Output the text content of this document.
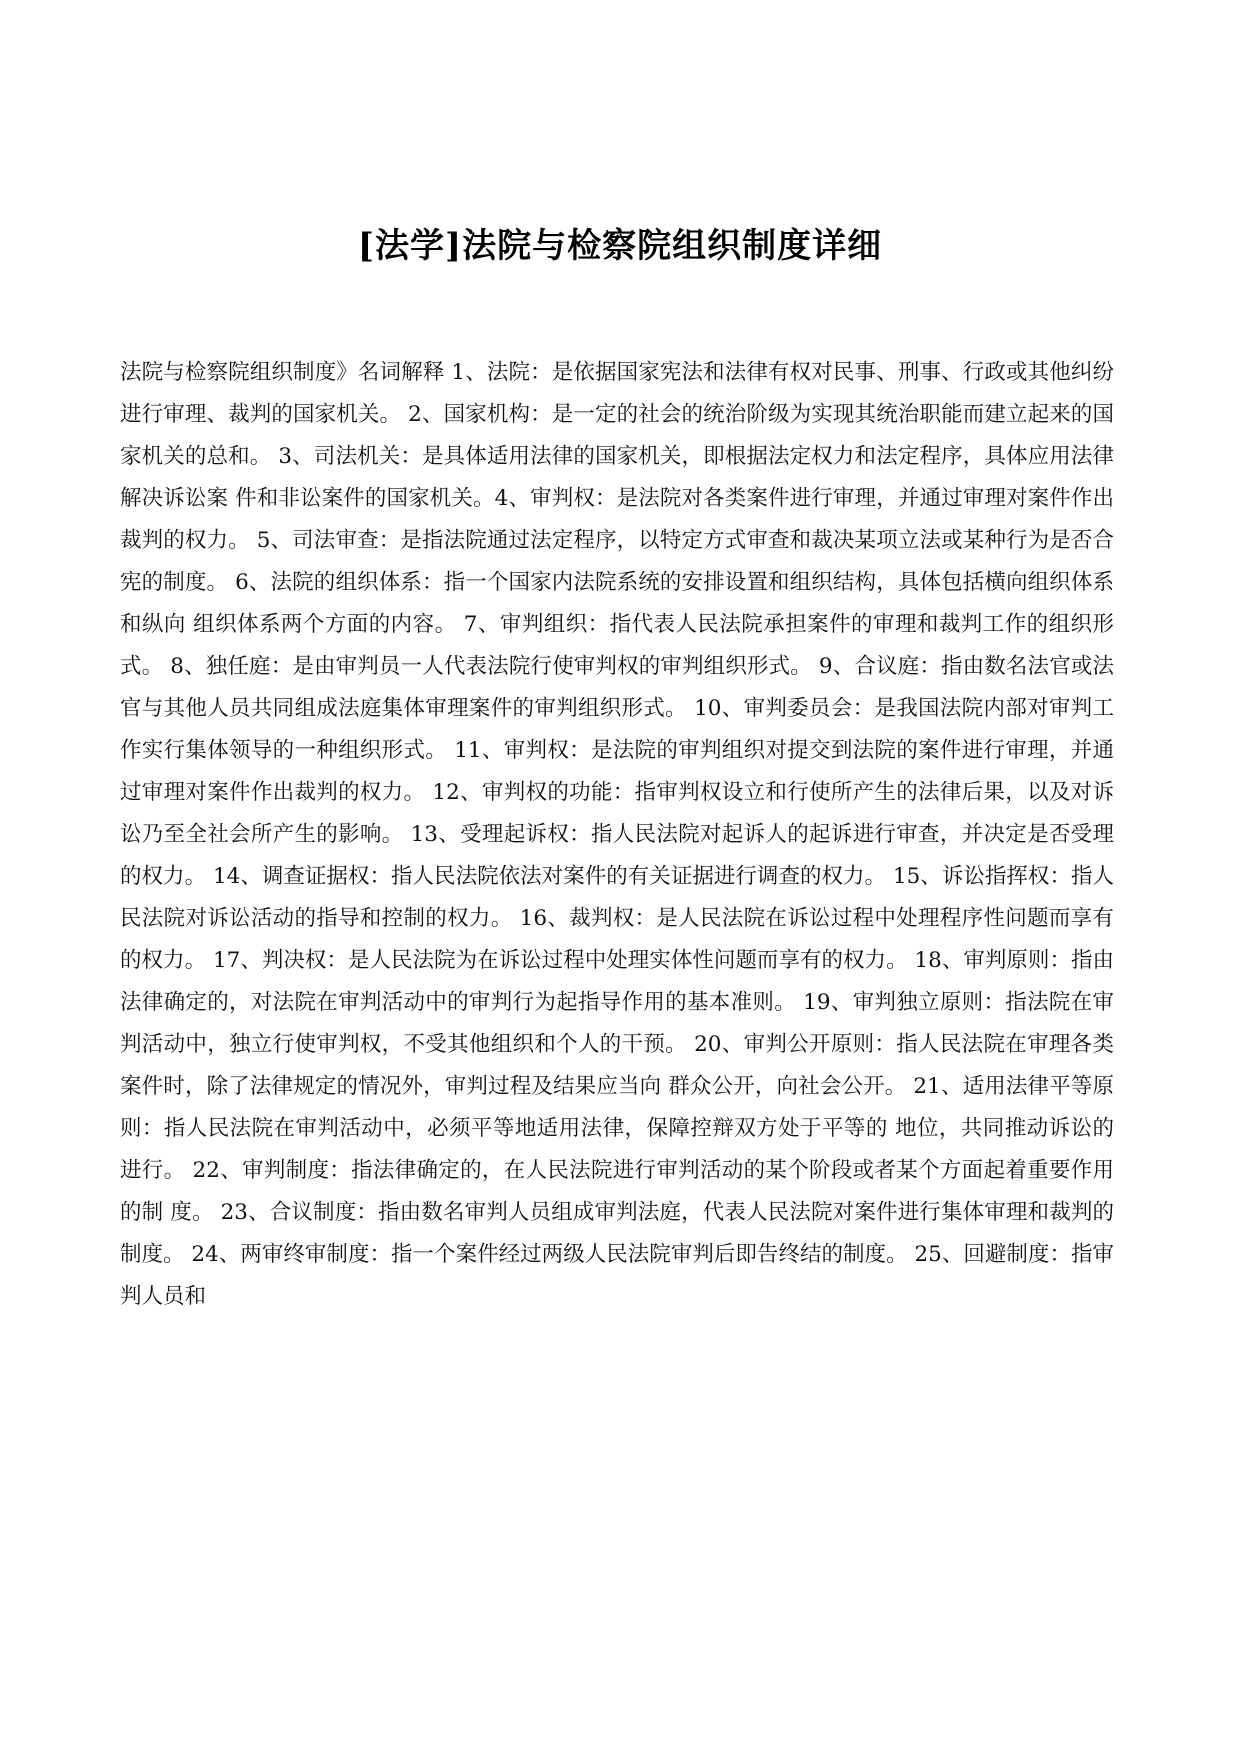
[法学]法院与检察院组织制度详细

法院与检察院组织制度》名词解释 1、法院：是依据国家宪法和法律有权对民事、刑事、行政或其他纠纷进行审理、裁判的国家机关。 2、国家机构：是一定的社会的统治阶级为实现其统治职能而建立起来的国家机关的总和。 3、司法机关：是具体适用法律的国家机关，即根据法定权力和法定程序，具体应用法律解决诉讼案 件和非讼案件的国家机关。4、审判权：是法院对各类案件进行审理，并通过审理对案件作出裁判的权力。 5、司法审查：是指法院通过法定程序，以特定方式审查和裁决某项立法或某种行为是否合宪的制度。 6、法院的组织体系：指一个国家内法院系统的安排设置和组织结构，具体包括横向组织体系和纵向 组织体系两个方面的内容。 7、审判组织：指代表人民法院承担案件的审理和裁判工作的组织形式。 8、独任庭：是由审判员一人代表法院行使审判权的审判组织形式。 9、合议庭：指由数名法官或法官与其他人员共同组成法庭集体审理案件的审判组织形式。 10、审判委员会：是我国法院内部对审判工作实行集体领导的一种组织形式。 11、审判权：是法院的审判组织对提交到法院的案件进行审理，并通过审理对案件作出裁判的权力。 12、审判权的功能：指审判权设立和行使所产生的法律后果，以及对诉讼乃至全社会所产生的影响。 13、受理起诉权：指人民法院对起诉人的起诉进行审查，并决定是否受理的权力。 14、调查证据权：指人民法院依法对案件的有关证据进行调查的权力。 15、诉讼指挥权：指人民法院对诉讼活动的指导和控制的权力。 16、裁判权：是人民法院在诉讼过程中处理程序性问题而享有的权力。 17、判决权：是人民法院为在诉讼过程中处理实体性问题而享有的权力。 18、审判原则：指由法律确定的，对法院在审判活动中的审判行为起指导作用的基本准则。 19、审判独立原则：指法院在审判活动中，独立行使审判权，不受其他组织和个人的干预。 20、审判公开原则：指人民法院在审理各类案件时，除了法律规定的情况外，审判过程及结果应当向 群众公开，向社会公开。 21、适用法律平等原则：指人民法院在审判活动中，必须平等地适用法律，保障控辩双方处于平等的 地位，共同推动诉讼的进行。 22、审判制度：指法律确定的，在人民法院进行审判活动的某个阶段或者某个方面起着重要作用的制 度。 23、合议制度：指由数名审判人员组成审判法庭，代表人民法院对案件进行集体审理和裁判的制度。 24、两审终审制度：指一个案件经过两级人民法院审判后即告终结的制度。 25、回避制度：指审判人员和
